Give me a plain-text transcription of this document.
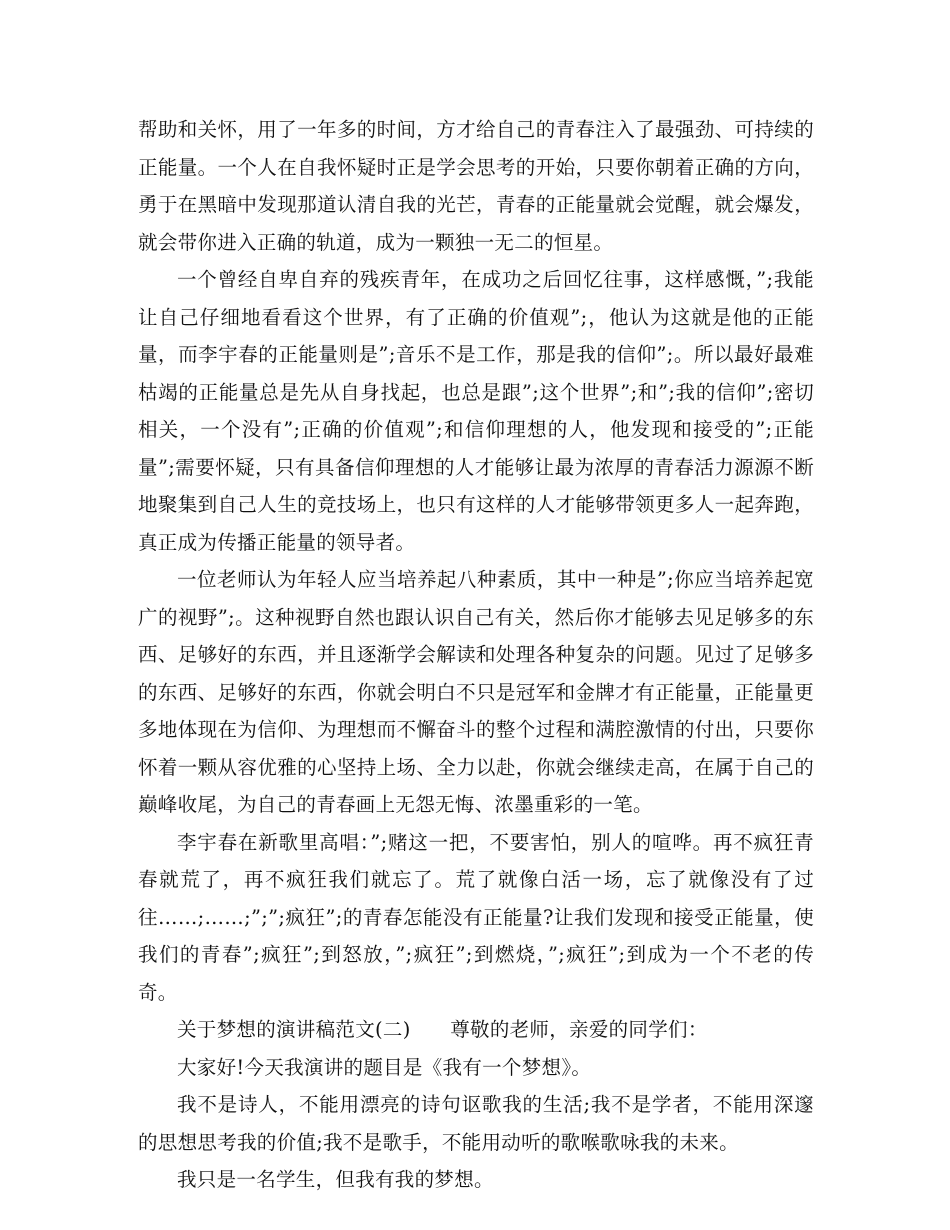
帮助和关怀，用了一年多的时间，方才给自己的青春注入了最强劲、可持续的正能量。一个人在自我怀疑时正是学会思考的开始，只要你朝着正确的方向，勇于在黑暗中发现那道认清自我的光芒，青春的正能量就会觉醒，就会爆发，就会带你进入正确的轨道，成为一颗独一无二的恒星。

一个曾经自卑自弃的残疾青年，在成功之后回忆往事，这样感慨，”;我能让自己仔细地看看这个世界，有了正确的价值观”;，他认为这就是他的正能量，而李宇春的正能量则是”;音乐不是工作，那是我的信仰”;。所以最好最难枯竭的正能量总是先从自身找起，也总是跟”;这个世界”;和”;我的信仰”;密切相关，一个没有”;正确的价值观”;和信仰理想的人，他发现和接受的”;正能量”;需要怀疑，只有具备信仰理想的人才能够让最为浓厚的青春活力源源不断地聚集到自己人生的竞技场上，也只有这样的人才能够带领更多人一起奔跑，真正成为传播正能量的领导者。

一位老师认为年轻人应当培养起八种素质，其中一种是”;你应当培养起宽广的视野”;。这种视野自然也跟认识自己有关，然后你才能够去见足够多的东西、足够好的东西，并且逐渐学会解读和处理各种复杂的问题。见过了足够多的东西、足够好的东西，你就会明白不只是冠军和金牌才有正能量，正能量更多地体现在为信仰、为理想而不懈奋斗的整个过程和满腔激情的付出，只要你怀着一颗从容优雅的心坚持上场、全力以赴，你就会继续走高，在属于自己的巅峰收尾，为自己的青春画上无怨无悔、浓墨重彩的一笔。

李宇春在新歌里高唱：”;赌这一把，不要害怕，别人的喧哗。再不疯狂青春就荒了，再不疯狂我们就忘了。荒了就像白活一场，忘了就像没有了过往……;……;”;”;疯狂”;的青春怎能没有正能量?让我们发现和接受正能量，使我们的青春”;疯狂”;到怒放，”;疯狂”;到燃烧，”;疯狂”;到成为一个不老的传奇。

关于梦想的演讲稿范文(二)　　尊敬的老师，亲爱的同学们：

大家好!今天我演讲的题目是《我有一个梦想》。

我不是诗人，不能用漂亮的诗句讴歌我的生活;我不是学者，不能用深邃的思想思考我的价值;我不是歌手，不能用动听的歌喉歌咏我的未来。

我只是一名学生，但我有我的梦想。
